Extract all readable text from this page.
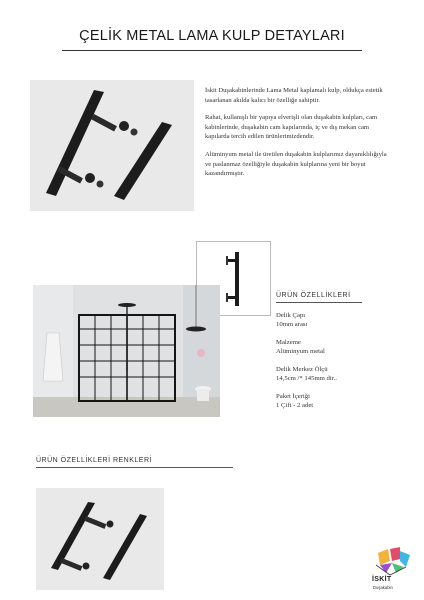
ÇELİK METAL LAMA KULP DETAYLARI

İskit Duşakabinlerinde Lama Metal kaplamalı kulp, oldukça estetik tasarlanan akılda kalıcı bir özelliğe sahiptir.

Rahat, kullanışlı bir yapıya elverişli olan duşakabin kulpları, cam kabinlerinde, duşakabin cam kapılarında, iç ve dış mekan cam kapılarda tercih edilen ürünlerimizdendir.

Alüminyum metal ile üretilen duşakabin kulplarımız dayanıklılığıyla ve paslanmaz özelliğiyle duşakabin kulplarına yeni bir boyut kazandırmıştır.

ÜRÜN ÖZELLİKLERİ
Delik Çapı
10mm arası
Malzeme
Alüminyum metal
Delik Merkez Ölçü
14,5cm /* 145mm dir..
Paket İçeriği
1 Çift - 2 adet
ÜRÜN ÖZELLİKLERİ RENKLERİ
İSKİT
Duşakabin
